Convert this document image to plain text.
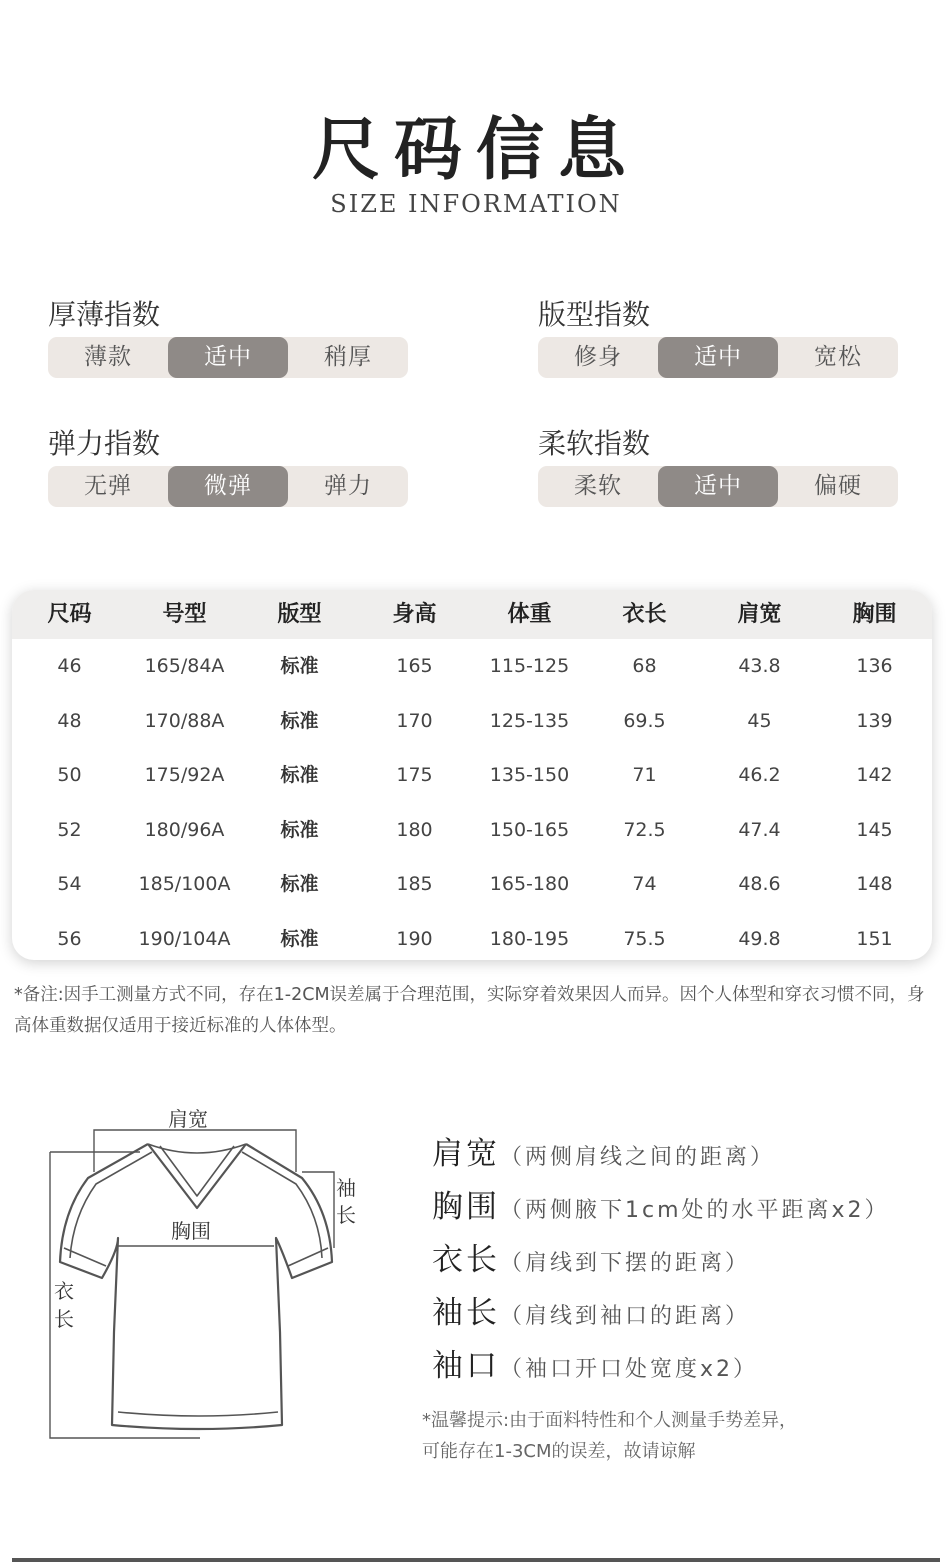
尺码信息
SIZE INFORMATION
厚薄指数
薄款	适中	稍厚
版型指数
修身	适中	宽松
弹力指数
无弹	微弹	弹力
柔软指数
柔软	适中	偏硬
尺码	号型	版型	身高	体重	衣长	肩宽	胸围
46	165/84A	标准	165	115-125	68	43.8	136
48	170/88A	标准	170	125-135	69.5	45	139
50	175/92A	标准	175	135-150	71	46.2	142
52	180/96A	标准	180	150-165	72.5	47.4	145
54	185/100A	标准	185	165-180	74	48.6	148
56	190/104A	标准	190	180-195	75.5	49.8	151
*备注:因手工测量方式不同，存在1-2CM误差属于合理范围，实际穿着效果因人而异。因个人体型和穿衣习惯不同，身高体重数据仅适用于接近标准的人体体型。
肩宽
胸围
袖
长
衣
长
肩宽（两侧肩线之间的距离）
胸围（两侧腋下1cm处的水平距离x2）
衣长（肩线到下摆的距离）
袖长（肩线到袖口的距离）
袖口（袖口开口处宽度x2）
*温馨提示:由于面料特性和个人测量手势差异，
可能存在1-3CM的误差，故请谅解
